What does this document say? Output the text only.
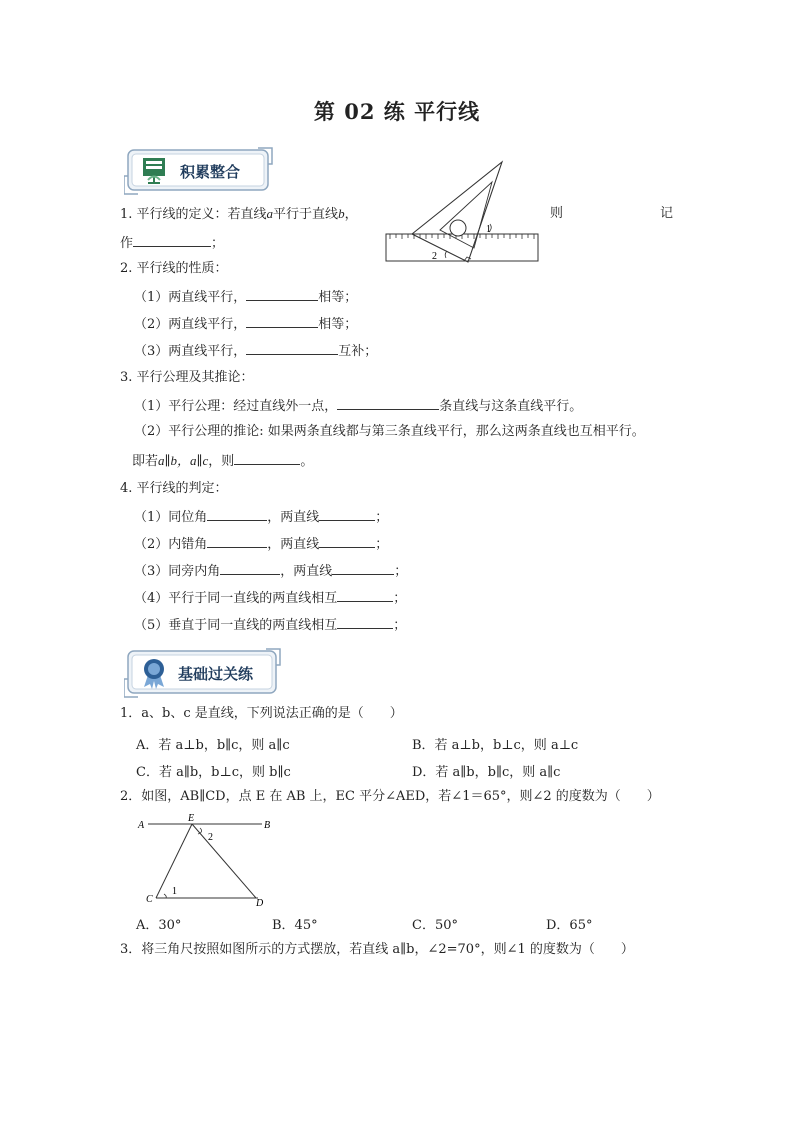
第 02 练 平行线
积累整合
1
2
1. 平行线的定义：若直线a平行于直线b，	则	记
作	；
2. 平行线的性质：
（1）两直线平行，	相等；
（2）两直线平行，	相等；
（3）两直线平行，	互补；
3. 平行公理及其推论：
（1）平行公理：经过直线外一点，	条直线与这条直线平行。
（2）平行公理的推论: 如果两条直线都与第三条直线平行，那么这两条直线也互相平行。
即若a∥b，a∥c，则	。
4. 平行线的判定：
（1）同位角	，两直线	；
（2）内错角	，两直线	；
（3）同旁内角	，两直线	；
（4）平行于同一直线的两直线相互	；
（5）垂直于同一直线的两直线相互	；
基础过关练
1．a、b、c 是直线，下列说法正确的是（　　）
A．若 a⊥b，b∥c，则 a∥c	B．若 a⊥b，b⊥c，则 a⊥c
C．若 a∥b，b⊥c，则 b∥c	D．若 a∥b，b∥c，则 a∥c
2．如图，AB∥CD，点 E 在 AB 上，EC 平分∠AED，若∠1＝65°，则∠2 的度数为（　　）
A	B
E
C	D
1
2
A．30°	B．45°	C．50°	D．65°
3．将三角尺按照如图所示的方式摆放，若直线 a∥b，∠2=70°，则∠1 的度数为（　　）
